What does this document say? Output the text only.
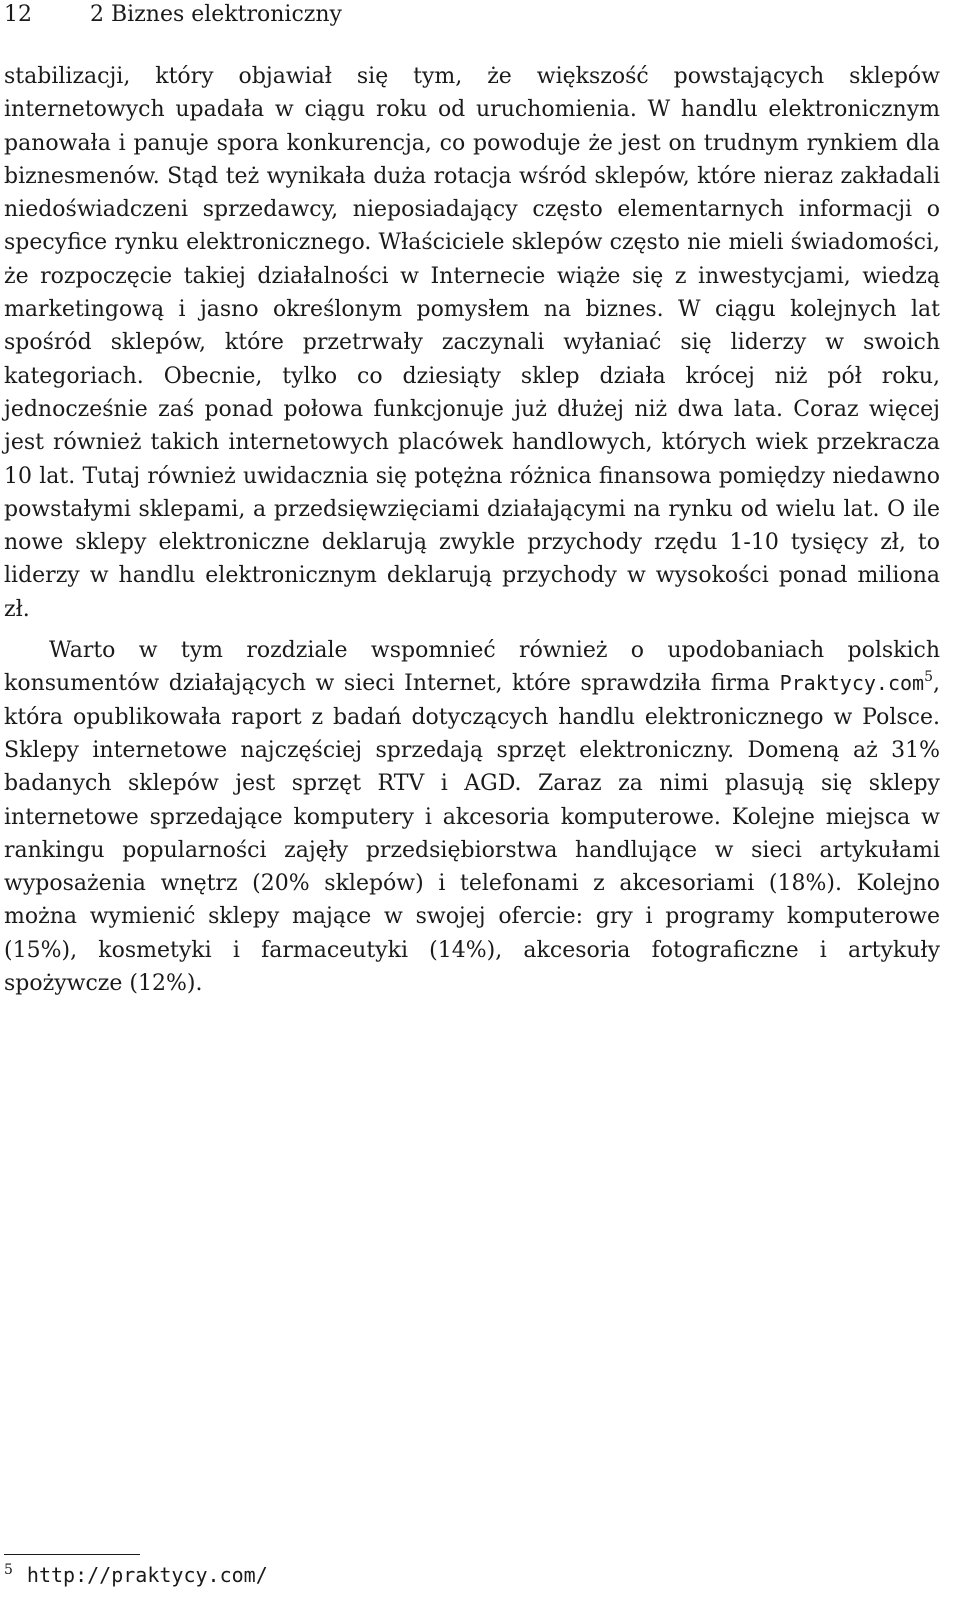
12	2 Biznes elektroniczny

stabilizacji, który objawiał się tym, że większość powstających sklepów internetowych upadała w ciągu roku od uruchomienia. W handlu elektronicznym panowała i panuje spora konkurencja, co powoduje że jest on trudnym rynkiem dla biznesmenów. Stąd też wynikała duża rotacja wśród sklepów, które nieraz zakładali niedoświadczeni sprzedawcy, nieposiadający często elementarnych informacji o specyfice rynku elektronicznego. Właściciele sklepów często nie mieli świadomości, że rozpoczęcie takiej działalności w Internecie wiąże się z inwestycjami, wiedzą marketingową i jasno określonym pomysłem na biznes. W ciągu kolejnych lat spośród sklepów, które przetrwały zaczynali wyłaniać się liderzy w swoich kategoriach. Obecnie, tylko co dziesiąty sklep działa krócej niż pół roku, jednocześnie zaś ponad połowa funkcjonuje już dłużej niż dwa lata. Coraz więcej jest również takich internetowych placówek handlowych, których wiek przekracza 10 lat. Tutaj również uwidacznia się potężna różnica finansowa pomiędzy niedawno powstałymi sklepami, a przedsięwzięciami działającymi na rynku od wielu lat. O ile nowe sklepy elektroniczne deklarują zwykle przychody rzędu 1-10 tysięcy zł, to liderzy w handlu elektronicznym deklarują przychody w wysokości ponad miliona zł.

Warto w tym rozdziale wspomnieć również o upodobaniach polskich konsumentów działających w sieci Internet, które sprawdziła firma Praktycy.com$^5$, która opublikowała raport z badań dotyczących handlu elektronicznego w Polsce. Sklepy internetowe najczęściej sprzedają sprzęt elektroniczny. Domeną aż 31% badanych sklepów jest sprzęt RTV i AGD. Zaraz za nimi plasują się sklepy internetowe sprzedające komputery i akcesoria komputerowe. Kolejne miejsca w rankingu popularności zajęły przedsiębiorstwa handlujące w sieci artykułami wyposażenia wnętrz (20% sklepów) i telefonami z akcesoriami (18%). Kolejno można wymienić sklepy mające w swojej ofercie: gry i programy komputerowe (15%), kosmetyki i farmaceutyki (14%), akcesoria fotograficzne i artykuły spożywcze (12%).

$^5$ http://praktycy.com/
